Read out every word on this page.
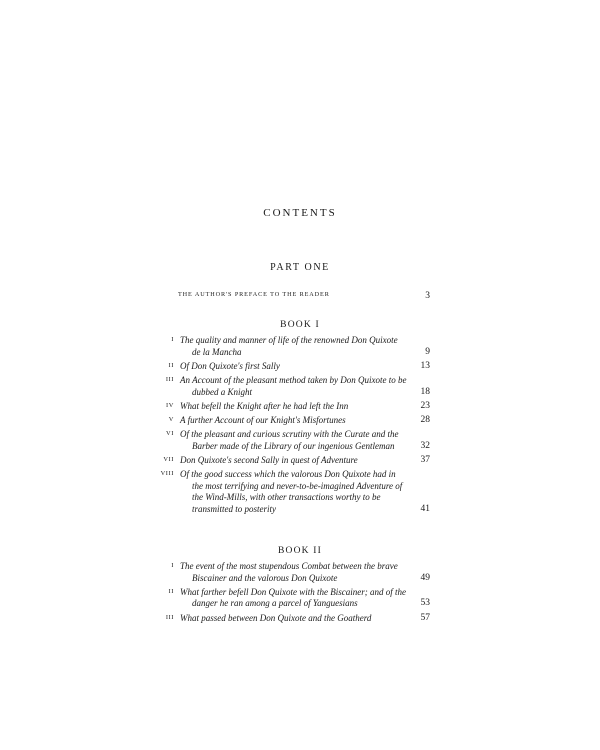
CONTENTS
PART ONE
THE AUTHOR'S PREFACE TO THE READER	3
BOOK I
I The quality and manner of life of the renowned Don Quixote de la Mancha	9
II Of Don Quixote's first Sally	13
III An Account of the pleasant method taken by Don Quixote to be dubbed a Knight	18
IV What befell the Knight after he had left the Inn	23
V A further Account of our Knight's Misfortunes	28
VI Of the pleasant and curious scrutiny with the Curate and the Barber made of the Library of our ingenious Gentleman	32
VII Don Quixote's second Sally in quest of Adventure	37
VIII Of the good success which the valorous Don Quixote had in the most terrifying and never-to-be-imagined Adventure of the Wind-Mills, with other transactions worthy to be transmitted to posterity	41
BOOK II
I The event of the most stupendous Combat between the brave Biscainer and the valorous Don Quixote	49
II What farther befell Don Quixote with the Biscainer; and of the danger he ran among a parcel of Yanguesians	53
III What passed between Don Quixote and the Goatherd	57
